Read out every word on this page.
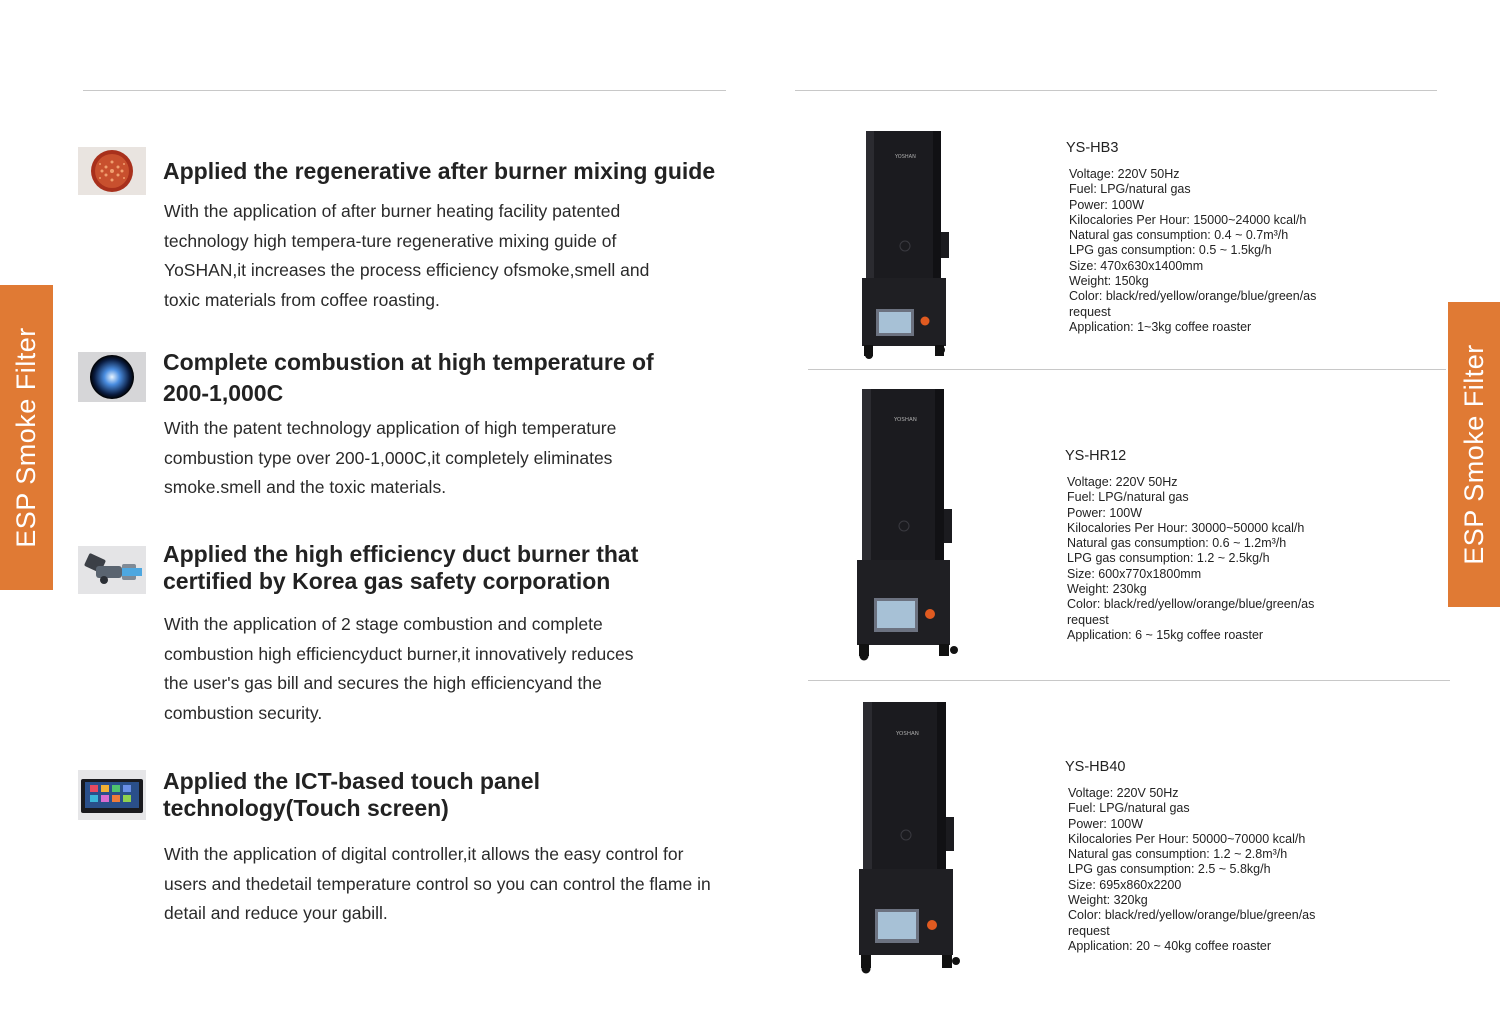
ESP Smoke Filter	ESP Smoke Filter
Applied the regenerative after burner mixing guide
With the application of after burner heating facility patented
technology high tempera-ture regenerative mixing guide of
YoSHAN,it increases the process efficiency ofsmoke,smell and
toxic materials from coffee roasting.
Complete combustion at high temperature of
200-1,000C
With the patent technology application of high temperature
combustion type over 200-1,000C,it completely eliminates
smoke.smell and the toxic materials.
Applied the high efficiency duct burner that
certified by Korea gas safety corporation
With the application of 2 stage combustion and complete
combustion high efficiencyduct burner,it innovatively reduces
the user's gas bill and secures the high efficiencyand the
combustion security.
Applied the ICT-based touch panel
technology(Touch screen)
With the application of digital controller,it allows the easy control for
users and thedetail temperature control so you can control the flame in
detail and reduce your gabill.
YOSHAN
YS-HB3
Voltage: 220V 50Hz
Fuel: LPG/natural gas
Power: 100W
Kilocalories Per Hour: 15000~24000 kcal/h
Natural gas consumption: 0.4 ~ 0.7m³/h
LPG gas consumption: 0.5 ~ 1.5kg/h
Size: 470x630x1400mm
Weight: 150kg
Color: black/red/yellow/orange/blue/green/as
request
Application: 1~3kg coffee roaster
YOSHAN
YS-HR12
Voltage: 220V 50Hz
Fuel: LPG/natural gas
Power: 100W
Kilocalories Per Hour: 30000~50000 kcal/h
Natural gas consumption: 0.6 ~ 1.2m³/h
LPG gas consumption: 1.2 ~ 2.5kg/h
Size: 600x770x1800mm
Weight: 230kg
Color: black/red/yellow/orange/blue/green/as
request
Application: 6 ~ 15kg coffee roaster
YOSHAN
YS-HB40
Voltage: 220V 50Hz
Fuel: LPG/natural gas
Power: 100W
Kilocalories Per Hour: 50000~70000 kcal/h
Natural gas consumption: 1.2 ~ 2.8m³/h
LPG gas consumption: 2.5 ~ 5.8kg/h
Size: 695x860x2200
Weight: 320kg
Color: black/red/yellow/orange/blue/green/as
request
Application: 20 ~ 40kg coffee roaster
